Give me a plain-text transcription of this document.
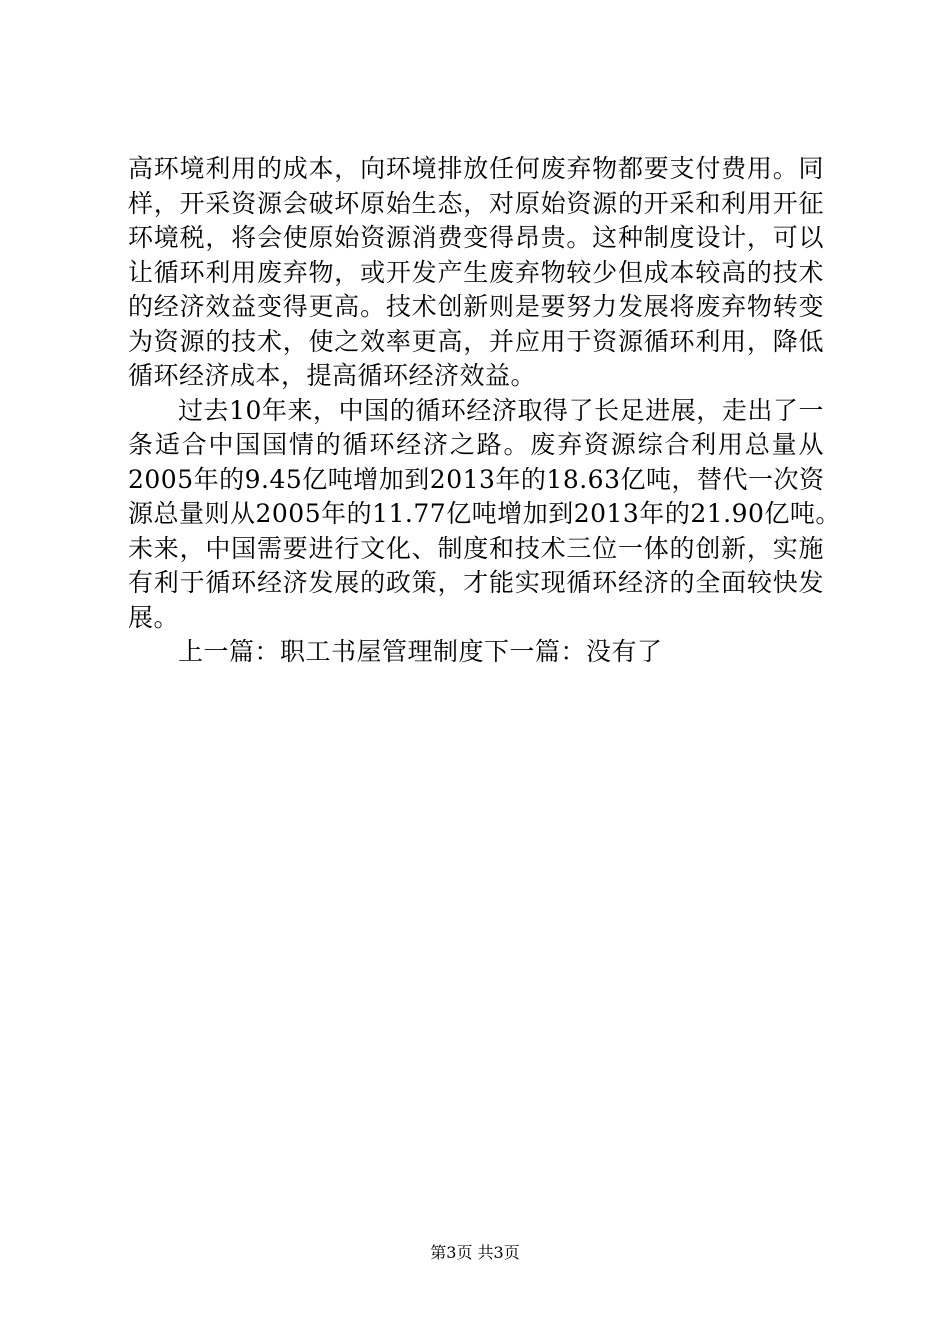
高环境利用的成本，向环境排放任何废弃物都要支付费用。同
样，开采资源会破坏原始生态，对原始资源的开采和利用开征
环境税，将会使原始资源消费变得昂贵。这种制度设计，可以
让循环利用废弃物，或开发产生废弃物较少但成本较高的技术
的经济效益变得更高。技术创新则是要努力发展将废弃物转变
为资源的技术，使之效率更高，并应用于资源循环利用，降低
循环经济成本，提高循环经济效益。
过去10年来，中国的循环经济取得了长足进展，走出了一
条适合中国国情的循环经济之路。废弃资源综合利用总量从
2005年的9.45亿吨增加到2013年的18.63亿吨，替代一次资
源总量则从2005年的11.77亿吨增加到2013年的21.90亿吨。
未来，中国需要进行文化、制度和技术三位一体的创新，实施
有利于循环经济发展的政策，才能实现循环经济的全面较快发
展。
上一篇：职工书屋管理制度下一篇：没有了
第3页 共3页
